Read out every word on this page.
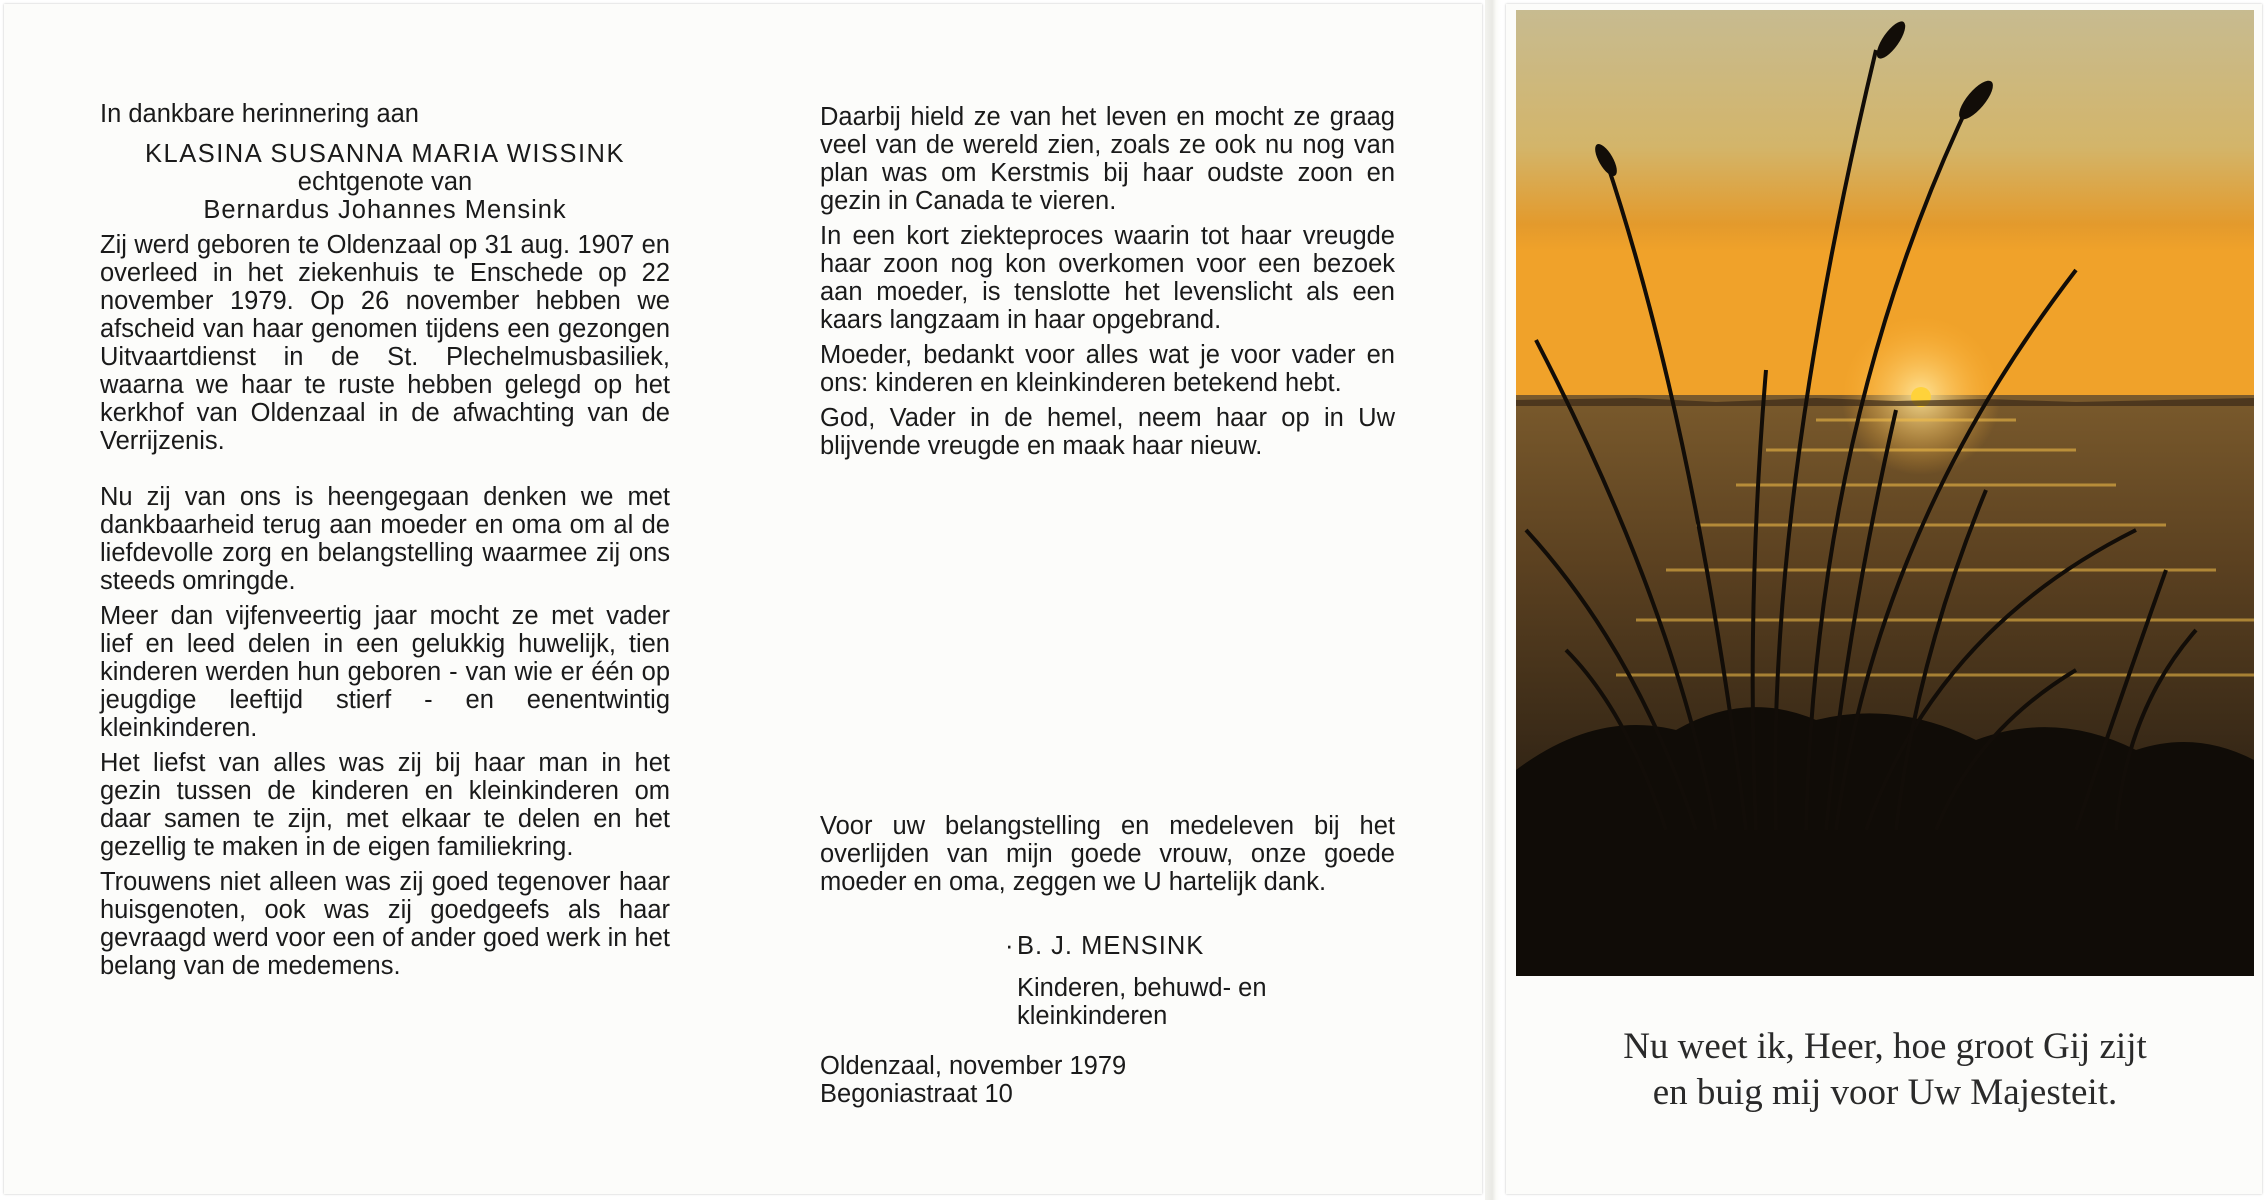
In dankbare herinnering aan

KLASINA SUSANNA MARIA WISSINK

echtgenote van

Bernardus Johannes Mensink

Zij werd geboren te Oldenzaal op 31 aug. 1907 en overleed in het ziekenhuis te Enschede op 22 november 1979. Op 26 november hebben we afscheid van haar genomen tijdens een gezongen Uitvaartdienst in de St. Plechelmusbasiliek, waarna we haar te ruste hebben gelegd op het kerkhof van Oldenzaal in de afwachting van de Verrijzenis.

Nu zij van ons is heengegaan denken we met dankbaarheid terug aan moeder en oma om al de liefdevolle zorg en belangstelling waarmee zij ons steeds omringde.

Meer dan vijfenveertig jaar mocht ze met vader lief en leed delen in een gelukkig huwelijk, tien kinderen werden hun geboren - van wie er één op jeugdige leeftijd stierf - en eenentwintig kleinkinderen.

Het liefst van alles was zij bij haar man in het gezin tussen de kinderen en kleinkinderen om daar samen te zijn, met elkaar te delen en het gezellig te maken in de eigen familiekring.

Trouwens niet alleen was zij goed tegenover haar huisgenoten, ook was zij goedgeefs als haar gevraagd werd voor een of ander goed werk in het belang van de medemens.

Daarbij hield ze van het leven en mocht ze graag veel van de wereld zien, zoals ze ook nu nog van plan was om Kerstmis bij haar oudste zoon en gezin in Canada te vieren.

In een kort ziekteproces waarin tot haar vreugde haar zoon nog kon overkomen voor een bezoek aan moeder, is tenslotte het levenslicht als een kaars langzaam in haar opgebrand.

Moeder, bedankt voor alles wat je voor vader en ons: kinderen en kleinkinderen betekend hebt.

God, Vader in de hemel, neem haar op in Uw blijvende vreugde en maak haar nieuw.

Voor uw belangstelling en medeleven bij het overlijden van mijn goede vrouw, onze goede moeder en oma, zeggen we U hartelijk dank.
· B. J. MENSINK
Kinderen, behuwd- en kleinkinderen
Oldenzaal, november 1979
Begoniastraat 10
Nu weet ik, Heer, hoe groot Gij zijt
en buig mij voor Uw Majesteit.
